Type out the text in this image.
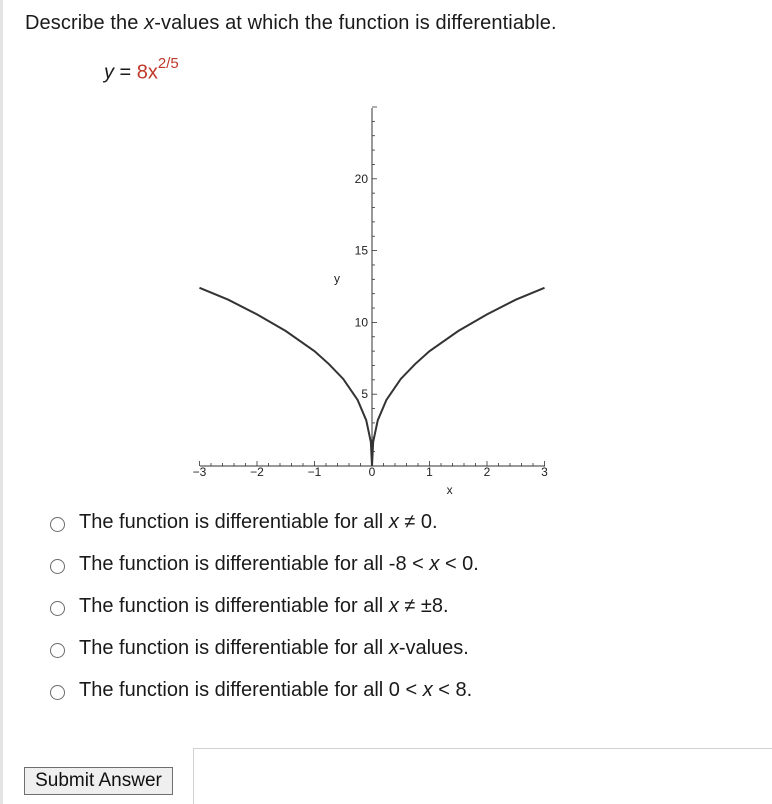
Describe the x-values at which the function is differentiable.
$y = 8x^{2/5}$
−3	−2	−1	0	1	2	3
5
10
15
20
x
y
The function is differentiable for all x ≠ 0.
The function is differentiable for all -8 < x < 0.
The function is differentiable for all x ≠ ±8.
The function is differentiable for all x-values.
The function is differentiable for all 0 < x < 8.
Submit Answer
